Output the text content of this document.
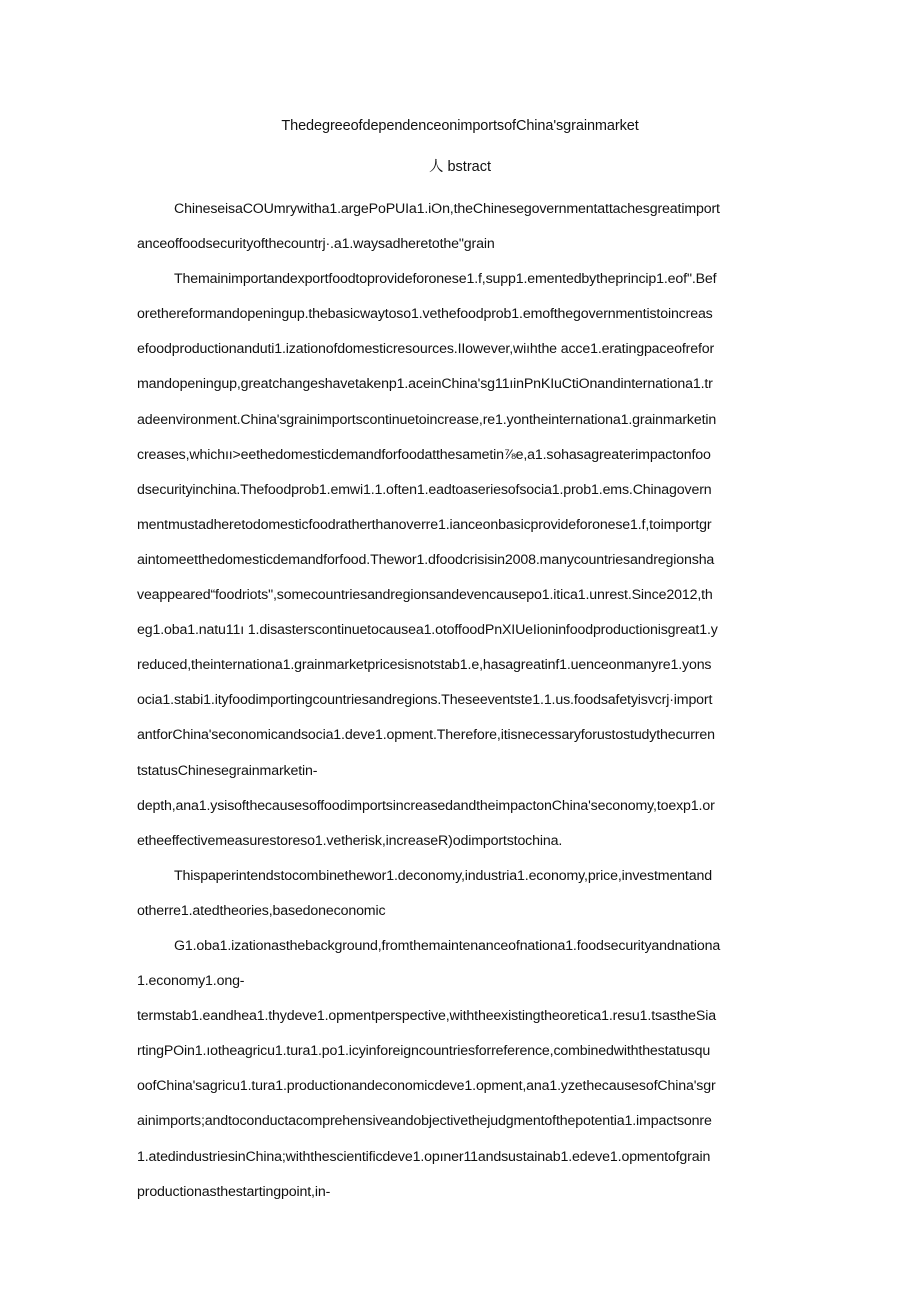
ThedegreeofdependenceonimportsofChina'sgrainmarket
人 bstract
ChineseisaCOUmrywitha1.argePoPUIa1.iOn,theChinesegovernmentattachesgreatimport
anceoffoodsecurityofthecountrj·.a1.waysadheretothe"grain
Themainimportandexportfoodtoprovideforonese1.f,supp1.ementedbytheprincip1.eof".Bef
orethereformandopeningup.thebasicwaytoso1.vethefoodprob1.emofthegovernmentistoincreas
efoodproductionanduti1.izationofdomesticresources.IIowever,wiıhthe acce1.eratingpaceofrefor
mandopeningup,greatchangeshavetakenp1.aceinChina'sg11ıinPnKIuCtiOnandinternationa1.tr
adeenvironment.China'sgrainimportscontinuetoincrease,re1.yontheinternationa1.grainmarketin
creases,whichıı>eethedomesticdemandforfoodatthesametin⅞e,a1.sohasagreaterimpactonfoo
dsecurityinchina.Thefoodprob1.emwi1.1.often1.eadtoaseriesofsocia1.prob1.ems.Chinagovern
mentmustadheretodomesticfoodratherthanoverre1.ianceonbasicprovideforonese1.f,toimportgr
aintomeetthedomesticdemandforfood.Thewor1.dfoodcrisisin2008.manycountriesandregionsha
veappeared“foodriots",somecountriesandregionsandevencausepo1.itica1.unrest.Since2012,th
eg1.oba1.natu11ı 1.disasterscontinuetocausea1.otoffoodPnXIUeIioninfoodproductionisgreat1.y
reduced,theinternationa1.grainmarketpricesisnotstab1.e,hasagreatinf1.uenceonmanyre1.yons
ocia1.stabi1.ityfoodimportingcountriesandregions.Theseeventste1.1.us.foodsafetyisvcrj·import
antforChina'seconomicandsocia1.deve1.opment.Therefore,itisnecessaryforustostudythecurren
tstatusChinesegrainmarketin-
depth,ana1.ysisofthecausesoffoodimportsincreasedandtheimpactonChina'seconomy,toexp1.or
etheeffectivemeasurestoreso1.vetherisk,increaseR)odimportstochina.
Thispaperintendstocombinethewor1.deconomy,industria1.economy,price,investmentand
otherre1.atedtheories,basedoneconomic
G1.oba1.izationasthebackground,fromthemaintenanceofnationa1.foodsecurityandnationa
1.economy1.ong-
termstab1.eandhea1.thydeve1.opmentperspective,withtheexistingtheoretica1.resu1.tsastheSia
rtingPOin1.ıotheagricu1.tura1.po1.icyinforeigncountriesforreference,combinedwiththestatusqu
oofChina'sagricu1.tura1.productionandeconomicdeve1.opment,ana1.yzethecausesofChina'sgr
ainimports;andtoconductacomprehensiveandobjectivethejudgmentofthepotentia1.impactsonre
1.atedindustriesinChina;withthescientificdeve1.opıner11andsustainab1.edeve1.opmentofgrain
productionasthestartingpoint,in-
